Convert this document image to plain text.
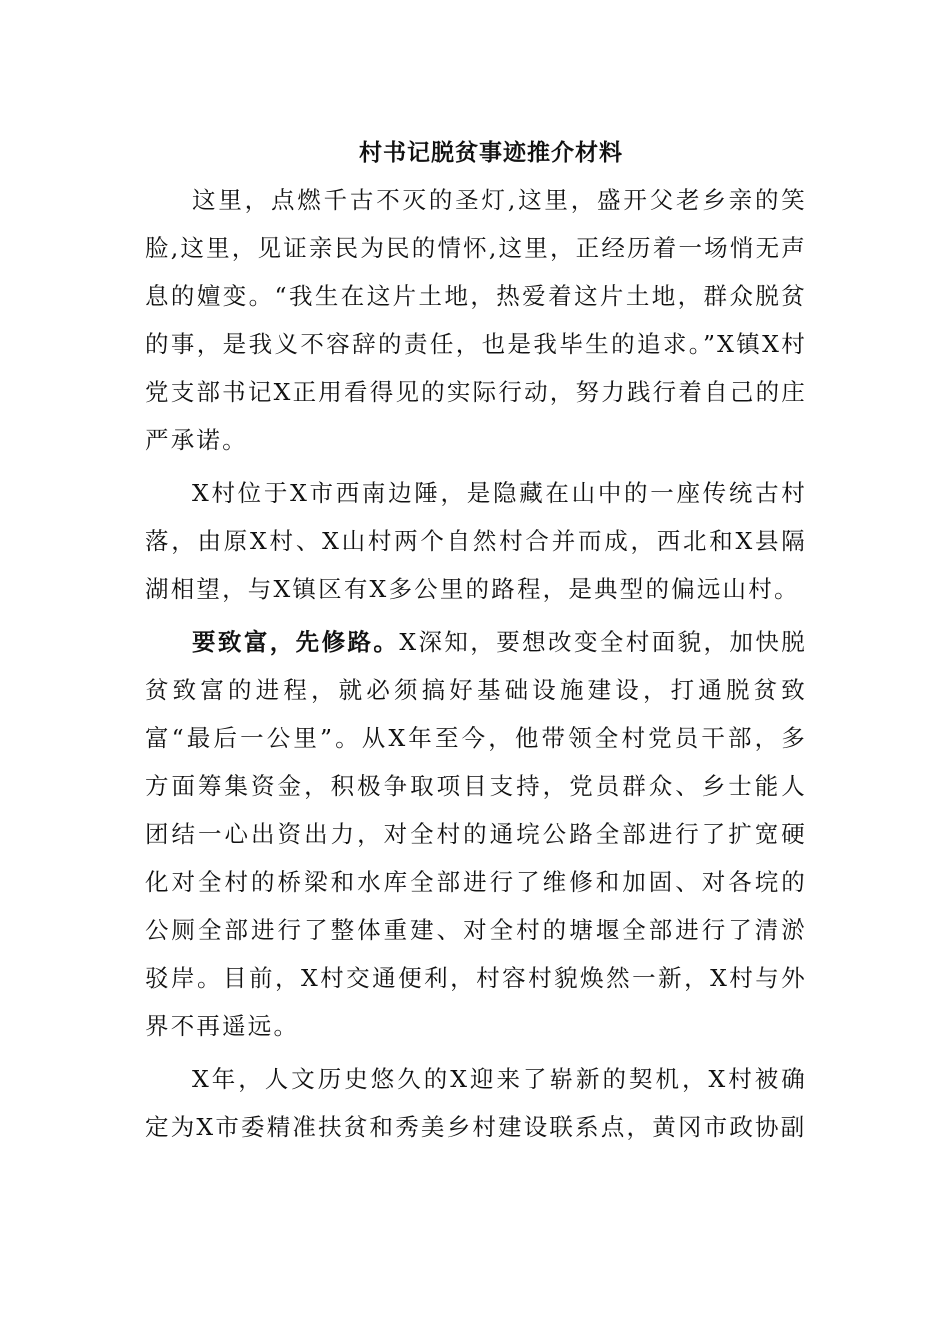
村书记脱贫事迹推介材料

这里，点燃千古不灭的圣灯,这里，盛开父老乡亲的笑脸,这里，见证亲民为民的情怀,这里，正经历着一场悄无声息的嬗变。“我生在这片土地，热爱着这片土地，群众脱贫的事，是我义不容辞的责任，也是我毕生的追求。”X镇X村党支部书记X正用看得见的实际行动，努力践行着自己的庄严承诺。

X村位于X市西南边陲，是隐藏在山中的一座传统古村落，由原X村、X山村两个自然村合并而成，西北和X县隔湖相望，与X镇区有X多公里的路程，是典型的偏远山村。

要致富，先修路。X深知，要想改变全村面貌，加快脱贫致富的进程，就必须搞好基础设施建设，打通脱贫致富“最后一公里”。从X年至今，他带领全村党员干部，多方面筹集资金，积极争取项目支持，党员群众、乡士能人团结一心出资出力，对全村的通垸公路全部进行了扩宽硬化对全村的桥梁和水库全部进行了维修和加固、对各垸的公厕全部进行了整体重建、对全村的塘堰全部进行了清淤驳岸。目前，X村交通便利，村容村貌焕然一新，X村与外界不再遥远。

X年，人文历史悠久的X迎来了崭新的契机，X村被确定为X市委精准扶贫和秀美乡村建设联系点，黄冈市政协副
